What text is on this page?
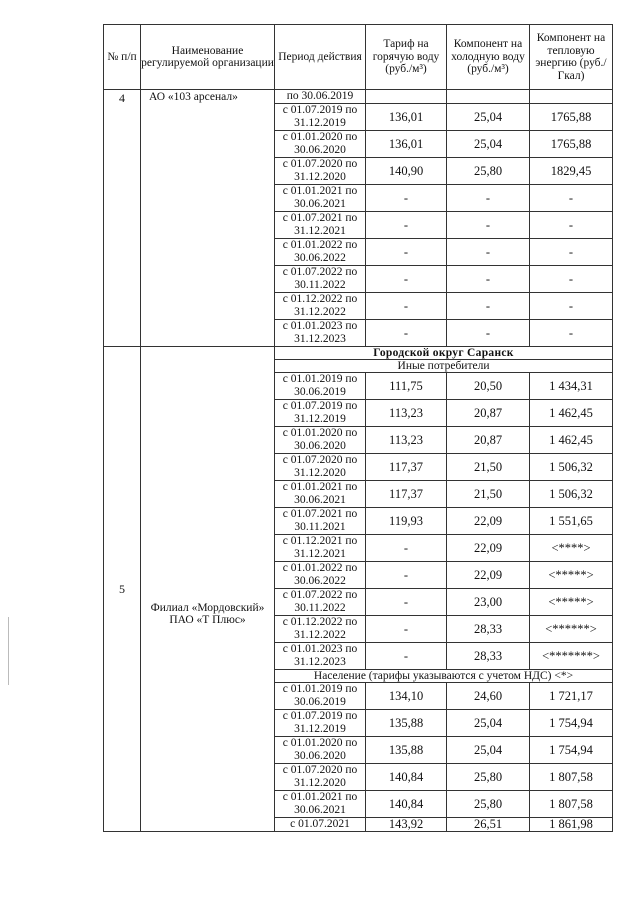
№ п/п	Наименование регулируемой организации	Период действия	Тариф на горячую воду (руб./м³)	Компонент на холодную воду (руб./м³)	Компонент на тепловую энергию (руб./Гкал)
4	АО «103 арсенал»	по 30.06.2019			
		с 01.07.2019 по 31.12.2019	136,01	25,04	1765,88
		с 01.01.2020 по 30.06.2020	136,01	25,04	1765,88
		с 01.07.2020 по 31.12.2020	140,90	25,80	1829,45
		с 01.01.2021 по 30.06.2021	-	-	-
		с 01.07.2021 по 31.12.2021	-	-	-
		с 01.01.2022 по 30.06.2022	-	-	-
		с 01.07.2022 по 30.11.2022	-	-	-
		с 01.12.2022 по 31.12.2022	-	-	-
		с 01.01.2023 по 31.12.2023	-	-	-
5	Филиал «Мордовский» ПАО «Т Плюс»	Городской округ Саранск			
		Иные потребители			
		с 01.01.2019 по 30.06.2019	111,75	20,50	1 434,31
		с 01.07.2019 по 31.12.2019	113,23	20,87	1 462,45
		с 01.01.2020 по 30.06.2020	113,23	20,87	1 462,45
		с 01.07.2020 по 31.12.2020	117,37	21,50	1 506,32
		с 01.01.2021 по 30.06.2021	117,37	21,50	1 506,32
		с 01.07.2021 по 30.11.2021	119,93	22,09	1 551,65
		с 01.12.2021 по 31.12.2021	-	22,09	<****>
		с 01.01.2022 по 30.06.2022	-	22,09	<*****>
		с 01.07.2022 по 30.11.2022	-	23,00	<*****>
		с 01.12.2022 по 31.12.2022	-	28,33	<******>
		с 01.01.2023 по 31.12.2023	-	28,33	<*******>
		Население (тарифы указываются с учетом НДС) <*>			
		с 01.01.2019 по 30.06.2019	134,10	24,60	1 721,17
		с 01.07.2019 по 31.12.2019	135,88	25,04	1 754,94
		с 01.01.2020 по 30.06.2020	135,88	25,04	1 754,94
		с 01.07.2020 по 31.12.2020	140,84	25,80	1 807,58
		с 01.01.2021 по 30.06.2021	140,84	25,80	1 807,58
		с 01.07.2021	143,92	26,51	1 861,98
